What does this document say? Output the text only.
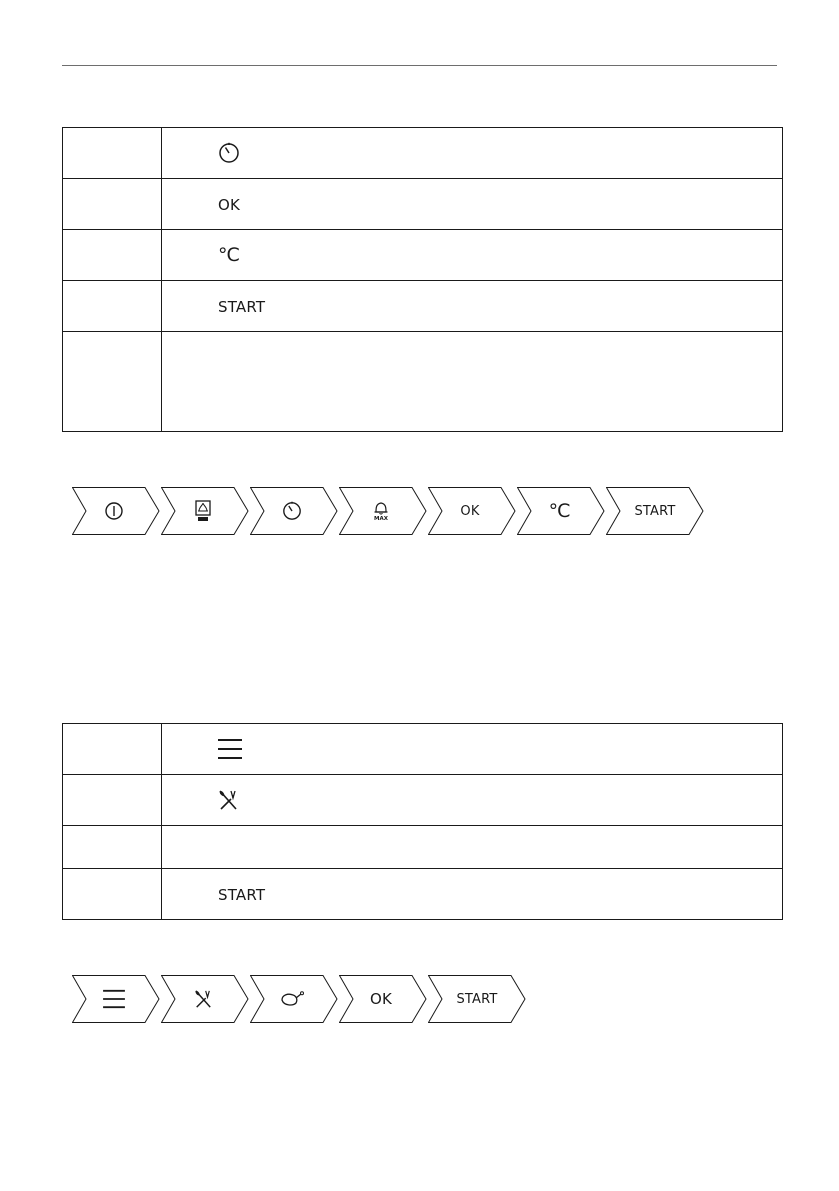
	OK
	°C
	START

MAX	OK	°C	START

	START
OK	START
